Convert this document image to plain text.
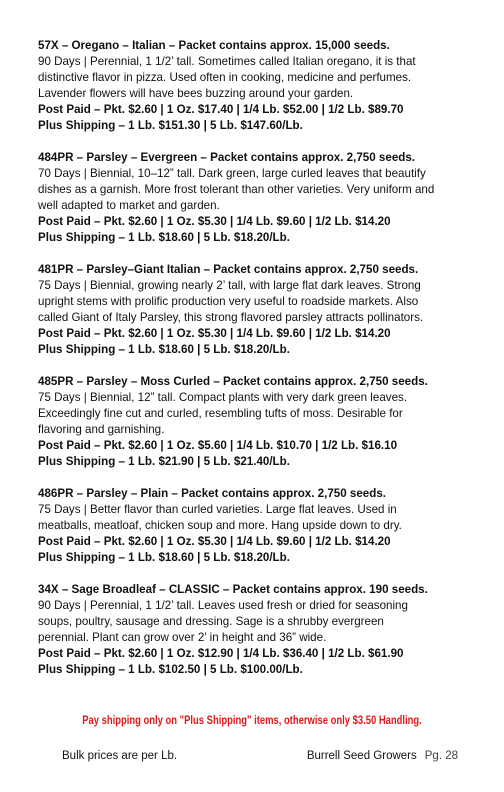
57X – Oregano – Italian – Packet contains approx. 15,000 seeds.
90 Days | Perennial, 1 1/2’ tall. Sometimes called Italian oregano, it is that
distinctive flavor in pizza. Used often in cooking, medicine and perfumes.
Lavender flowers will have bees buzzing around your garden.
Post Paid – Pkt. $2.60 | 1 Oz. $17.40 | 1/4 Lb. $52.00 | 1/2 Lb. $89.70
Plus Shipping – 1 Lb. $151.30 | 5 Lb. $147.60/Lb.
484PR – Parsley – Evergreen – Packet contains approx. 2,750 seeds.
70 Days | Biennial, 10–12” tall. Dark green, large curled leaves that beautify
dishes as a garnish. More frost tolerant than other varieties. Very uniform and
well adapted to market and garden.
Post Paid – Pkt. $2.60 | 1 Oz. $5.30 | 1/4 Lb. $9.60 | 1/2 Lb. $14.20
Plus Shipping – 1 Lb. $18.60 | 5 Lb. $18.20/Lb.
481PR – Parsley–Giant Italian – Packet contains approx. 2,750 seeds.
75 Days | Biennial, growing nearly 2’ tall, with large flat dark leaves. Strong
upright stems with prolific production very useful to roadside markets. Also
called Giant of Italy Parsley, this strong flavored parsley attracts pollinators.
Post Paid – Pkt. $2.60 | 1 Oz. $5.30 | 1/4 Lb. $9.60 | 1/2 Lb. $14.20
Plus Shipping – 1 Lb. $18.60 | 5 Lb. $18.20/Lb.
485PR – Parsley – Moss Curled – Packet contains approx. 2,750 seeds.
75 Days | Biennial, 12” tall. Compact plants with very dark green leaves.
Exceedingly fine cut and curled, resembling tufts of moss. Desirable for
flavoring and garnishing.
Post Paid – Pkt. $2.60 | 1 Oz. $5.60 | 1/4 Lb. $10.70 | 1/2 Lb. $16.10
Plus Shipping – 1 Lb. $21.90 | 5 Lb. $21.40/Lb.
486PR – Parsley – Plain – Packet contains approx. 2,750 seeds.
75 Days | Better flavor than curled varieties. Large flat leaves. Used in
meatballs, meatloaf, chicken soup and more. Hang upside down to dry.
Post Paid – Pkt. $2.60 | 1 Oz. $5.30 | 1/4 Lb. $9.60 | 1/2 Lb. $14.20
Plus Shipping – 1 Lb. $18.60 | 5 Lb. $18.20/Lb.
34X – Sage Broadleaf – CLASSIC – Packet contains approx. 190 seeds.
90 Days | Perennial, 1 1/2’ tall. Leaves used fresh or dried for seasoning
soups, poultry, sausage and dressing. Sage is a shrubby evergreen
perennial. Plant can grow over 2’ in height and 36” wide.
Post Paid – Pkt. $2.60 | 1 Oz. $12.90 | 1/4 Lb. $36.40 | 1/2 Lb. $61.90
Plus Shipping – 1 Lb. $102.50 | 5 Lb. $100.00/Lb.
Pay shipping only on "Plus Shipping" items, otherwise only $3.50 Handling.
Bulk prices are per Lb.	Burrell Seed Growers Pg. 28
